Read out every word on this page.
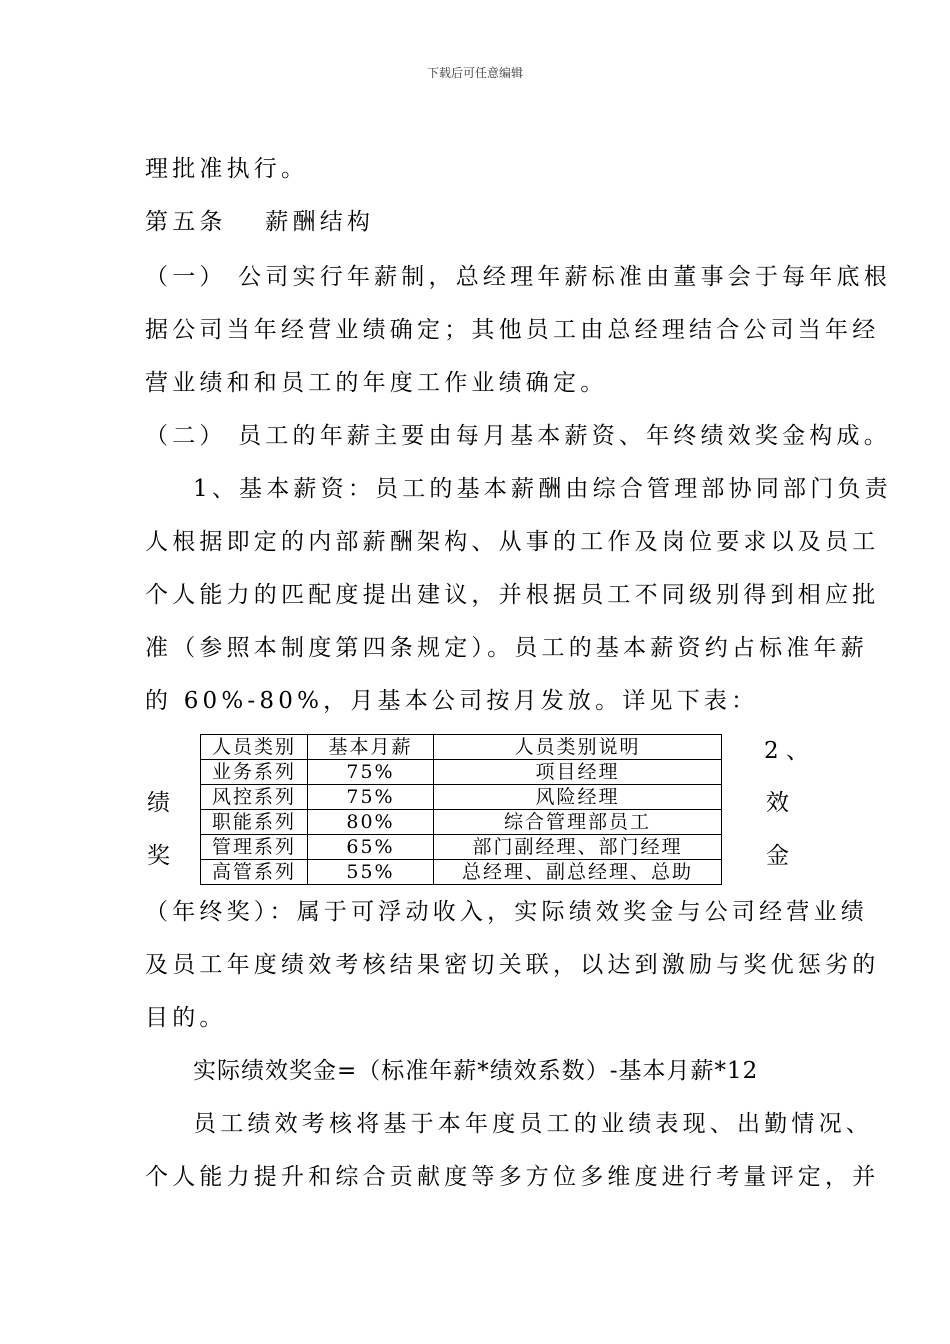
下载后可任意编辑
理批准执行。
第五条　 薪酬结构
（一） 公司实行年薪制，总经理年薪标准由董事会于每年底根
据公司当年经营业绩确定；其他员工由总经理结合公司当年经
营业绩和和员工的年度工作业绩确定。
（二） 员工的年薪主要由每月基本薪资、年终绩效奖金构成。
1、基本薪资：员工的基本薪酬由综合管理部协同部门负责
人根据即定的内部薪酬架构、从事的工作及岗位要求以及员工
个人能力的匹配度提出建议，并根据员工不同级别得到相应批
准（参照本制度第四条规定）。员工的基本薪资约占标准年薪
的 60%-80%，月基本公司按月发放。详见下表：
人员类别	基本月薪	人员类别说明
业务系列	75%	项目经理
风控系列	75%	风险经理
职能系列	80%	综合管理部员工
管理系列	65%	部门副经理、部门经理
高管系列	55%	总经理、副总经理、总助
绩
奖
2 、
效
金
（年终奖）：属于可浮动收入，实际绩效奖金与公司经营业绩
及员工年度绩效考核结果密切关联，以达到激励与奖优惩劣的
目的。
实际绩效奖金=（标准年薪*绩效系数）-基本月薪*12
员工绩效考核将基于本年度员工的业绩表现、出勤情况、
个人能力提升和综合贡献度等多方位多维度进行考量评定，并
